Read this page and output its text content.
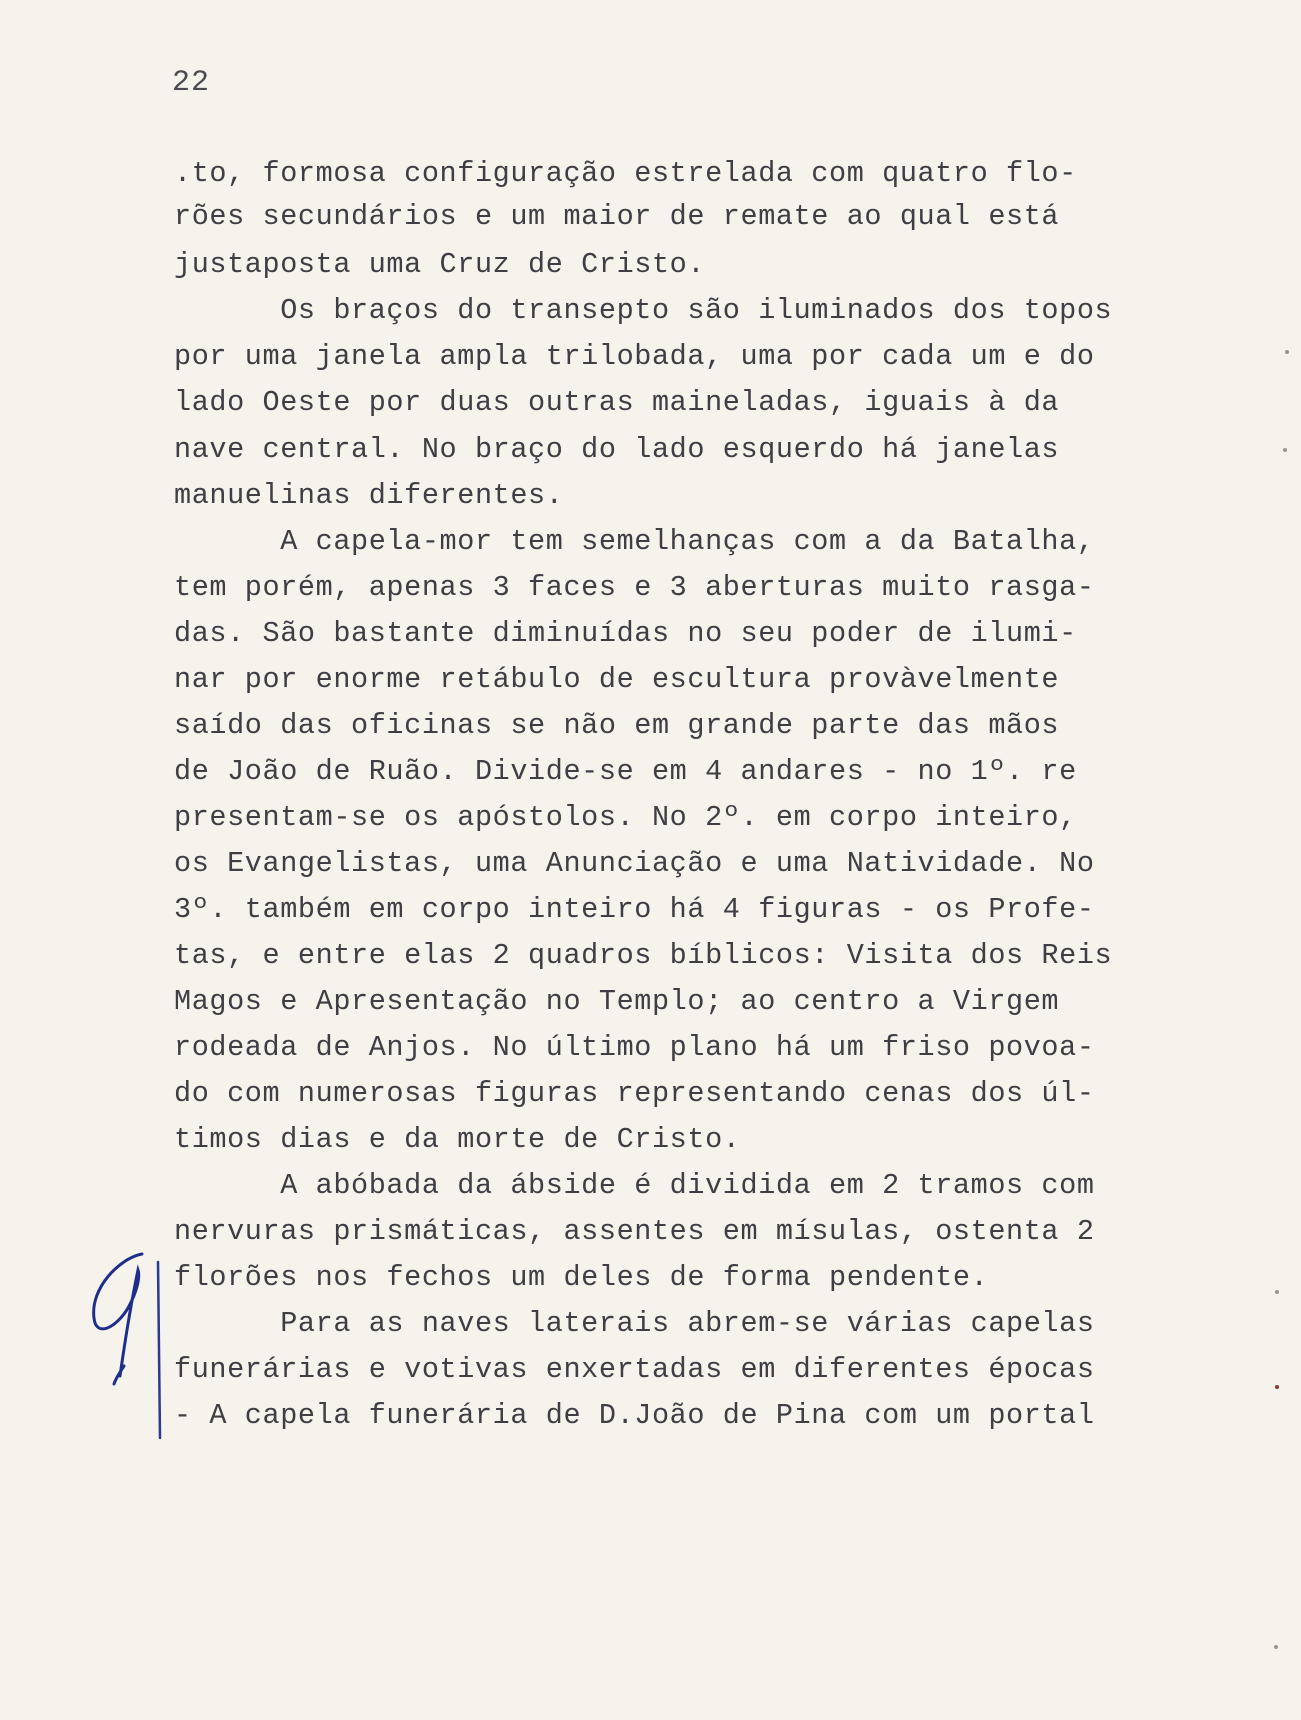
22
.to, formosa configuração estrelada com quatro flo-
rões secundários e um maior de remate ao qual está
justaposta uma Cruz de Cristo.
Os braços do transepto são iluminados dos topos
por uma janela ampla trilobada, uma por cada um e do
lado Oeste por duas outras maineladas, iguais à da
nave central. No braço do lado esquerdo há janelas
manuelinas diferentes.
A capela-mor tem semelhanças com a da Batalha,
tem porém, apenas 3 faces e 3 aberturas muito rasga-
das. São bastante diminuídas no seu poder de ilumi-
nar por enorme retábulo de escultura provàvelmente
saído das oficinas se não em grande parte das mãos
de João de Ruão. Divide-se em 4 andares - no 1º. re
presentam-se os apóstolos. No 2º. em corpo inteiro,
os Evangelistas, uma Anunciação e uma Natividade. No
3º. também em corpo inteiro há 4 figuras - os Profe-
tas, e entre elas 2 quadros bíblicos: Visita dos Reis
Magos e Apresentação no Templo; ao centro a Virgem
rodeada de Anjos. No último plano há um friso povoa-
do com numerosas figuras representando cenas dos úl-
timos dias e da morte de Cristo.
A abóbada da ábside é dividida em 2 tramos com
nervuras prismáticas, assentes em mísulas, ostenta 2
florões nos fechos um deles de forma pendente.
Para as naves laterais abrem-se várias capelas
funerárias e votivas enxertadas em diferentes épocas
- A capela funerária de D.João de Pina com um portal
